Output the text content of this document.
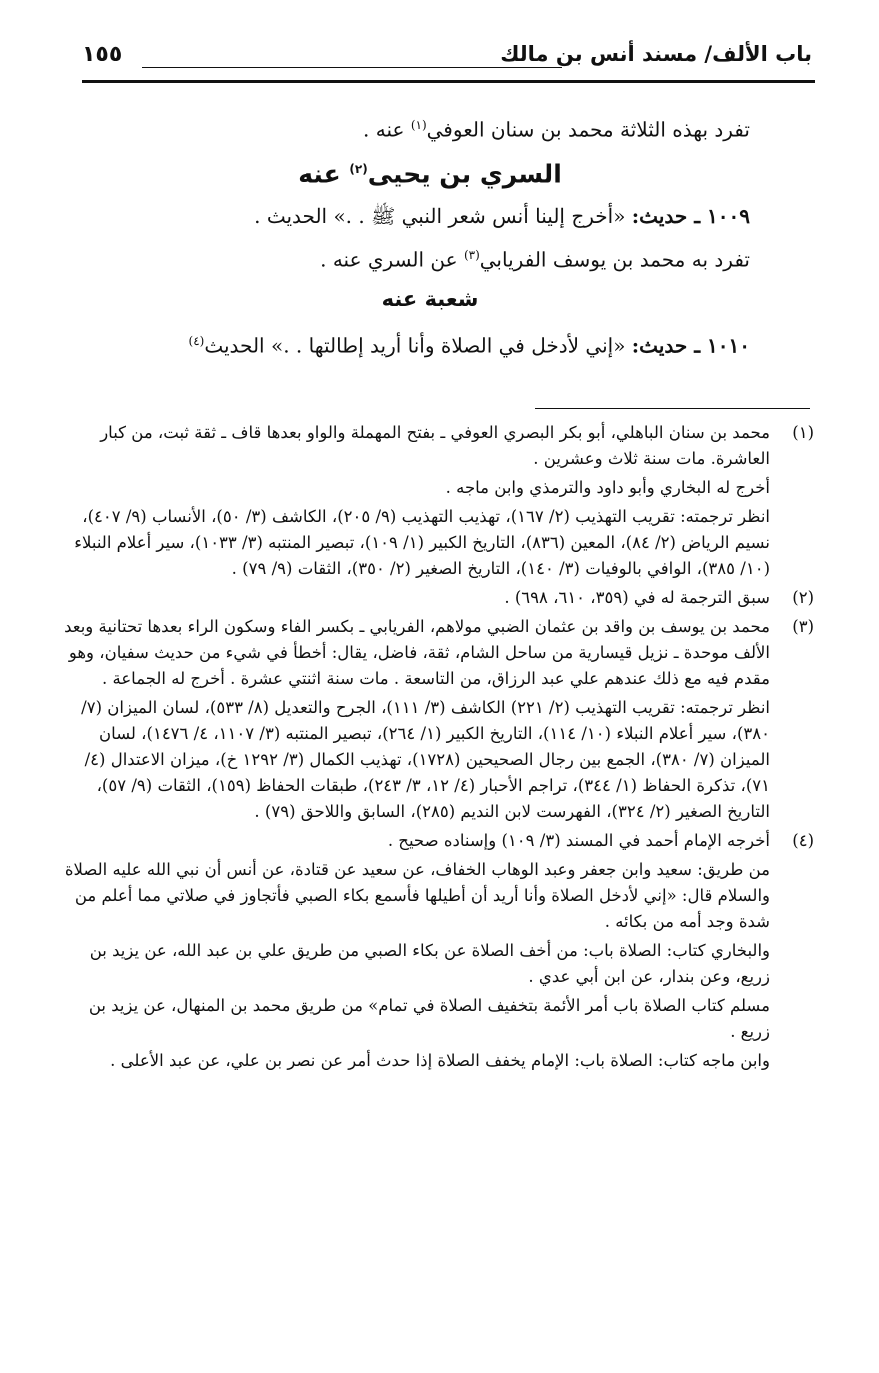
باب الألف/ مسند أنس بن مالك
١٥٥
تفرد بهذه الثلاثة محمد بن سنان العوفي$^{(١)}$ عنه .
السري بن يحيى$^{(٢)}$ عنه
١٠٠٩ ـ حديث: «أخرج إلينا أنس شعر النبي ﷺ . .» الحديث .
تفرد به محمد بن يوسف الفريابي$^{(٣)}$ عن السري عنه .
شعبة عنه
١٠١٠ ـ حديث: «إني لأدخل في الصلاة وأنا أريد إطالتها . .» الحديث$^{(٤)}$
(١)

محمد بن سنان الباهلي، أبو بكر البصري العوفي ـ بفتح المهملة والواو بعدها قاف ـ ثقة ثبت، من كبار العاشرة. مات سنة ثلاث وعشرين .

أخرج له البخاري وأبو داود والترمذي وابن ماجه .

انظر ترجمته: تقريب التهذيب (٢/ ١٦٧)، تهذيب التهذيب (٩/ ٢٠٥)، الكاشف (٣/ ٥٠)، الأنساب (٩/ ٤٠٧)، نسيم الرياض (٢/ ٨٤)، المعين (٨٣٦)، التاريخ الكبير (١/ ١٠٩)، تبصير المنتبه (٣/ ١٠٣٣)، سير أعلام النبلاء (١٠/ ٣٨٥)، الوافي بالوفيات (٣/ ١٤٠)، التاريخ الصغير (٢/ ٣٥٠)، الثقات (٩/ ٧٩) .

(٢)

سبق الترجمة له في (٣٥٩، ٦١٠، ٦٩٨) .

(٣)

محمد بن يوسف بن واقد بن عثمان الضبي مولاهم، الفريابي ـ بكسر الفاء وسكون الراء بعدها تحتانية وبعد الألف موحدة ـ نزيل قيسارية من ساحل الشام، ثقة، فاضل، يقال: أخطأ في شيء من حديث سفيان، وهو مقدم فيه مع ذلك عندهم علي عبد الرزاق، من التاسعة . مات سنة اثنتي عشرة . أخرج له الجماعة .

انظر ترجمته: تقريب التهذيب (٢/ ٢٢١) الكاشف (٣/ ١١١)، الجرح والتعديل (٨/ ٥٣٣)، لسان الميزان (٧/ ٣٨٠)، سير أعلام النبلاء (١٠/ ١١٤)، التاريخ الكبير (١/ ٢٦٤)، تبصير المنتبه (٣/ ١١٠٧، ٤/ ١٤٧٦)، لسان الميزان (٧/ ٣٨٠)، الجمع بين رجال الصحيحين (١٧٢٨)، تهذيب الكمال (٣/ ١٢٩٢ خ)، ميزان الاعتدال (٤/ ٧١)، تذكرة الحفاظ (١/ ٣٤٤)، تراجم الأحبار (٤/ ١٢، ٣/ ٢٤٣)، طبقات الحفاظ (١٥٩)، الثقات (٩/ ٥٧)، التاريخ الصغير (٢/ ٣٢٤)، الفهرست لابن النديم (٢٨٥)، السابق واللاحق (٧٩) .

(٤)

أخرجه الإمام أحمد في المسند (٣/ ١٠٩) وإسناده صحيح .

من طريق: سعيد وابن جعفر وعبد الوهاب الخفاف، عن سعيد عن قتادة، عن أنس أن نبي الله عليه الصلاة والسلام قال: «إني لأدخل الصلاة وأنا أريد أن أطيلها فأسمع بكاء الصبي فأتجاوز في صلاتي مما أعلم من شدة وجد أمه من بكائه .

والبخاري كتاب: الصلاة باب: من أخف الصلاة عن بكاء الصبي من طريق علي بن عبد الله، عن يزيد بن زريع، وعن بندار، عن ابن أبي عدي .

مسلم كتاب الصلاة باب أمر الأئمة بتخفيف الصلاة في تمام» من طريق محمد بن المنهال، عن يزيد بن زريع .

وابن ماجه كتاب: الصلاة باب: الإمام يخفف الصلاة إذا حدث أمر عن نصر بن علي، عن عبد الأعلى .
